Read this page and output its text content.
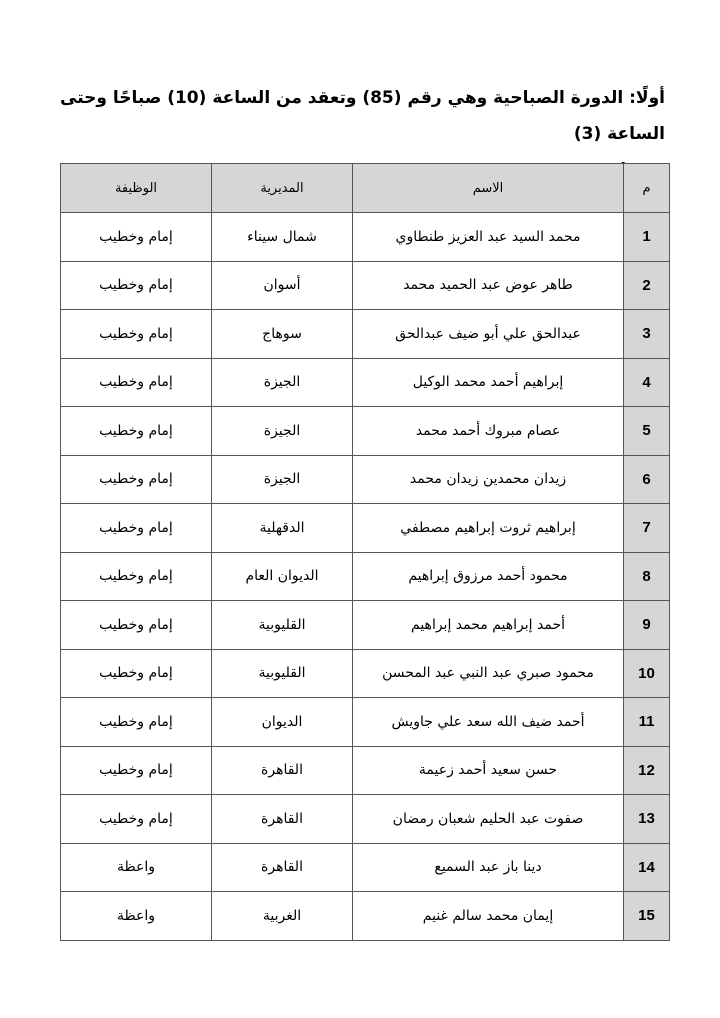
أولًا: الدورة الصباحية وهي رقم (85) وتعقد من الساعة (10) صباحًا وحتى الساعة (3)
م	الاسم	المديرية	الوظيفة
1	محمد السيد عبد العزيز طنطاوي	شمال سيناء	إمام وخطيب
2	طاهر عوض عبد الحميد محمد	أسوان	إمام وخطيب
3	عبدالحق علي أبو ضيف عبدالحق	سوهاج	إمام وخطيب
4	إبراهيم أحمد محمد الوكيل	الجيزة	إمام وخطيب
5	عصام مبروك أحمد محمد	الجيزة	إمام وخطيب
6	زيدان محمدين زيدان محمد	الجيزة	إمام وخطيب
7	إبراهيم ثروت إبراهيم مصطفي	الدقهلية	إمام وخطيب
8	محمود أحمد مرزوق إبراهيم	الديوان العام	إمام وخطيب
9	أحمد إبراهيم محمد إبراهيم	القليوبية	إمام وخطيب
10	محمود صبري عبد النبي عبد المحسن	القليوبية	إمام وخطيب
11	أحمد ضيف الله سعد علي جاويش	الديوان	إمام وخطيب
12	حسن سعيد أحمد زعيمة	القاهرة	إمام وخطيب
13	صفوت عبد الحليم شعبان رمضان	القاهرة	إمام وخطيب
14	دينا باز عبد السميع	القاهرة	واعظة
15	إيمان محمد سالم غنيم	الغربية	واعظة
